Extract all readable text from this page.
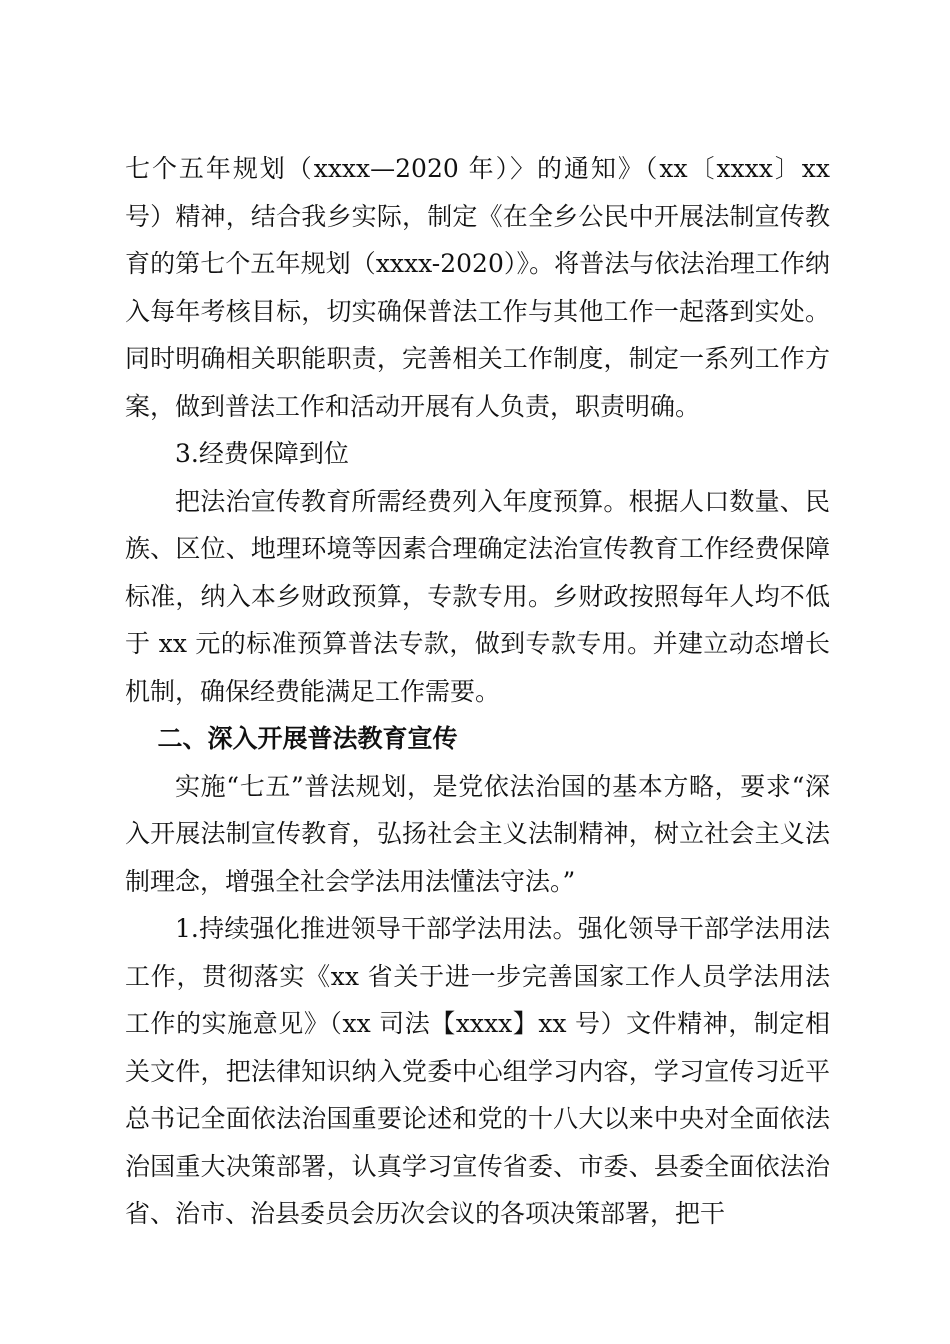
七个五年规划（xxxx—2020 年）〉的通知》（xx〔xxxx〕xx 号）精神，结合我乡实际，制定《在全乡公民中开展法制宣传教育的第七个五年规划（xxxx-2020）》。将普法与依法治理工作纳入每年考核目标，切实确保普法工作与其他工作一起落到实处。同时明确相关职能职责，完善相关工作制度，制定一系列工作方案，做到普法工作和活动开展有人负责，职责明确。

3.经费保障到位

把法治宣传教育所需经费列入年度预算。根据人口数量、民族、区位、地理环境等因素合理确定法治宣传教育工作经费保障标准，纳入本乡财政预算，专款专用。乡财政按照每年人均不低于 xx 元的标准预算普法专款，做到专款专用。并建立动态增长机制，确保经费能满足工作需要。

二、深入开展普法教育宣传

实施“七五”普法规划，是党依法治国的基本方略，要求“深入开展法制宣传教育，弘扬社会主义法制精神，树立社会主义法制理念，增强全社会学法用法懂法守法。”

1.持续强化推进领导干部学法用法。强化领导干部学法用法工作，贯彻落实《xx 省关于进一步完善国家工作人员学法用法工作的实施意见》（xx 司法【xxxx】xx 号）文件精神，制定相关文件，把法律知识纳入党委中心组学习内容，学习宣传习近平总书记全面依法治国重要论述和党的十八大以来中央对全面依法治国重大决策部署，认真学习宣传省委、市委、县委全面依法治省、治市、治县委员会历次会议的各项决策部署，把干
